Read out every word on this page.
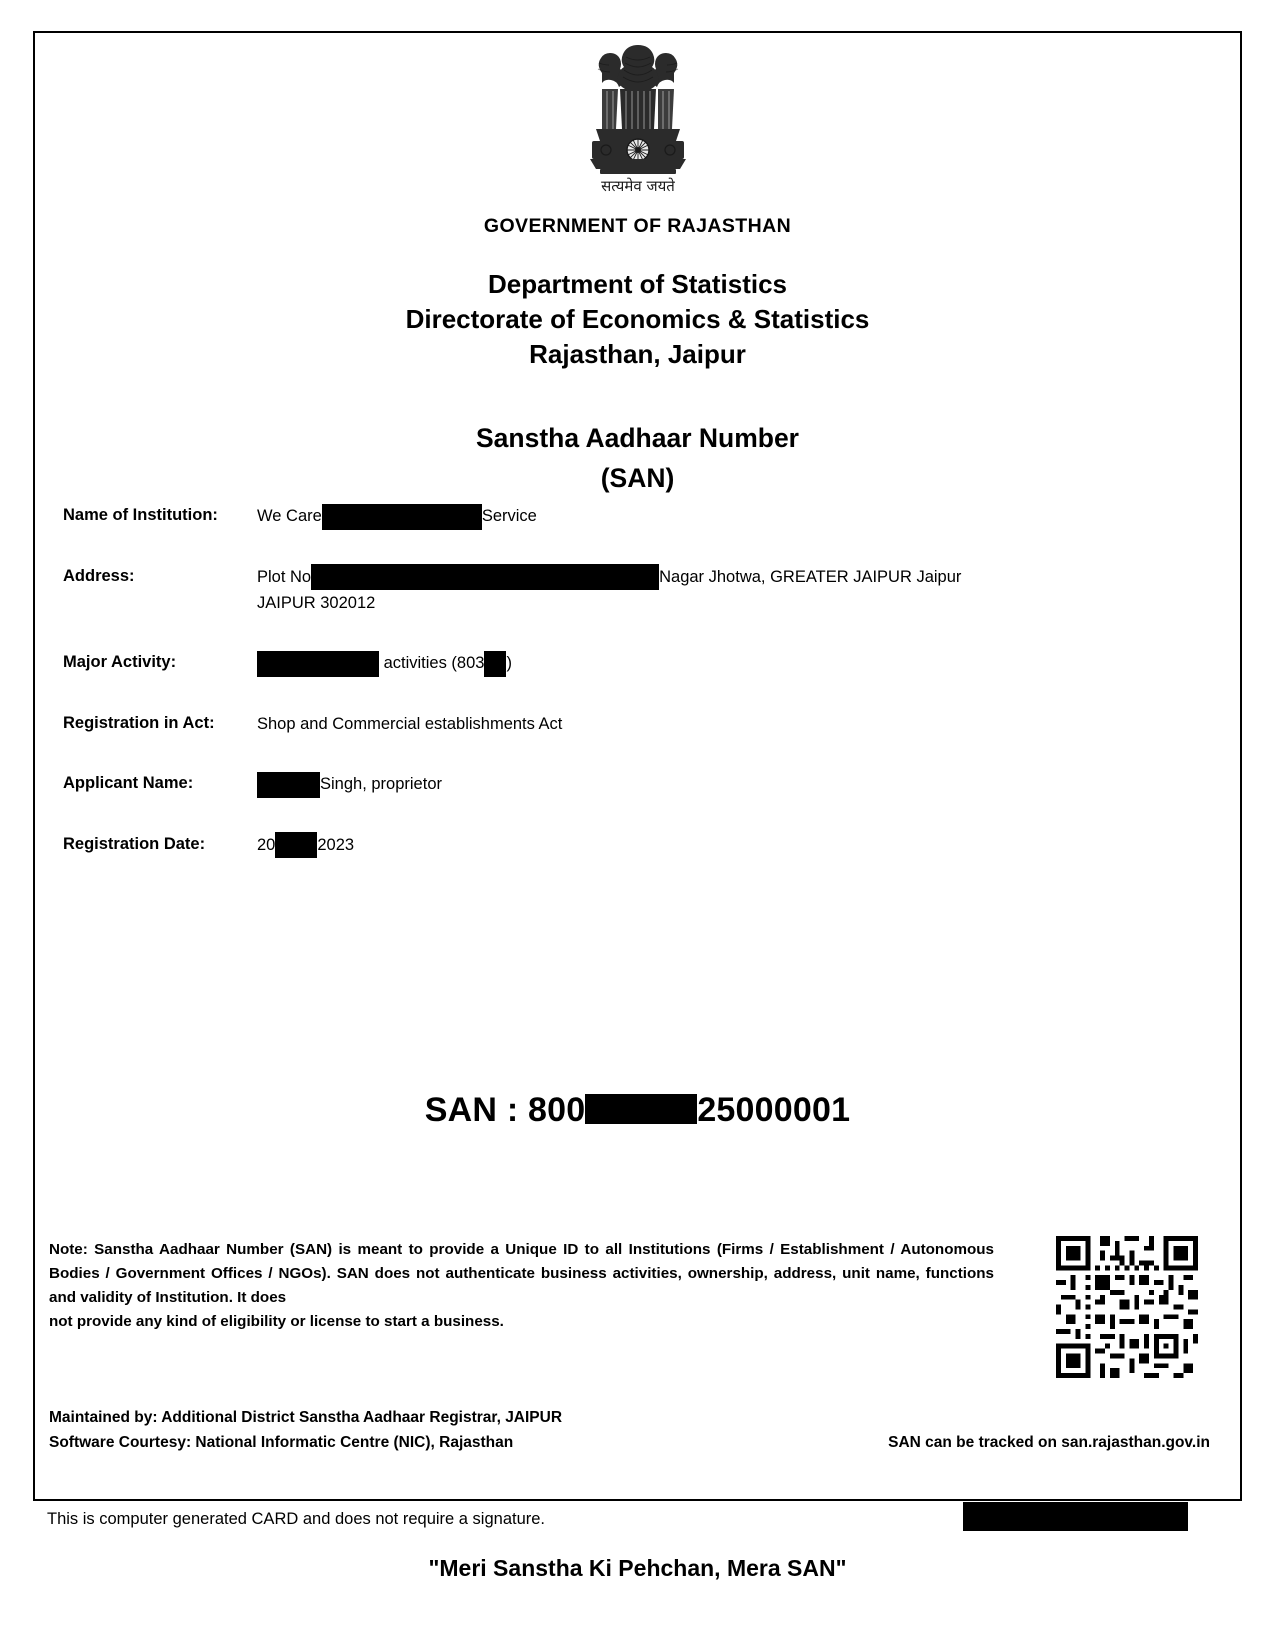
सत्यमेव जयते
GOVERNMENT OF RAJASTHAN
Department of Statistics
Directorate of Economics & Statistics
Rajasthan, Jaipur
Sanstha Aadhaar Number
(SAN)
Name of Institution:	We Care	Service
Address:	Plot No	Nagar Jhotwa, GREATER JAIPUR Jaipur
JAIPUR 302012
Major Activity:	activities (803 )
Registration in Act:	Shop and Commercial establishments Act
Applicant Name:	Singh, proprietor
Registration Date:	20	2023
SAN : 800	25000001
Note: Sanstha Aadhaar Number (SAN) is meant to provide a Unique ID to all Institutions (Firms / Establishment / Autonomous Bodies / Government Offices / NGOs). SAN does not authenticate business activities, ownership, address, unit name, functions and validity of Institution. It does
not provide any kind of eligibility or license to start a business.
Maintained by: Additional District Sanstha Aadhaar Registrar, JAIPUR
Software Courtesy: National Informatic Centre (NIC), Rajasthan	SAN can be tracked on san.rajasthan.gov.in
This is computer generated CARD and does not require a signature.
"Meri Sanstha Ki Pehchan, Mera SAN"
